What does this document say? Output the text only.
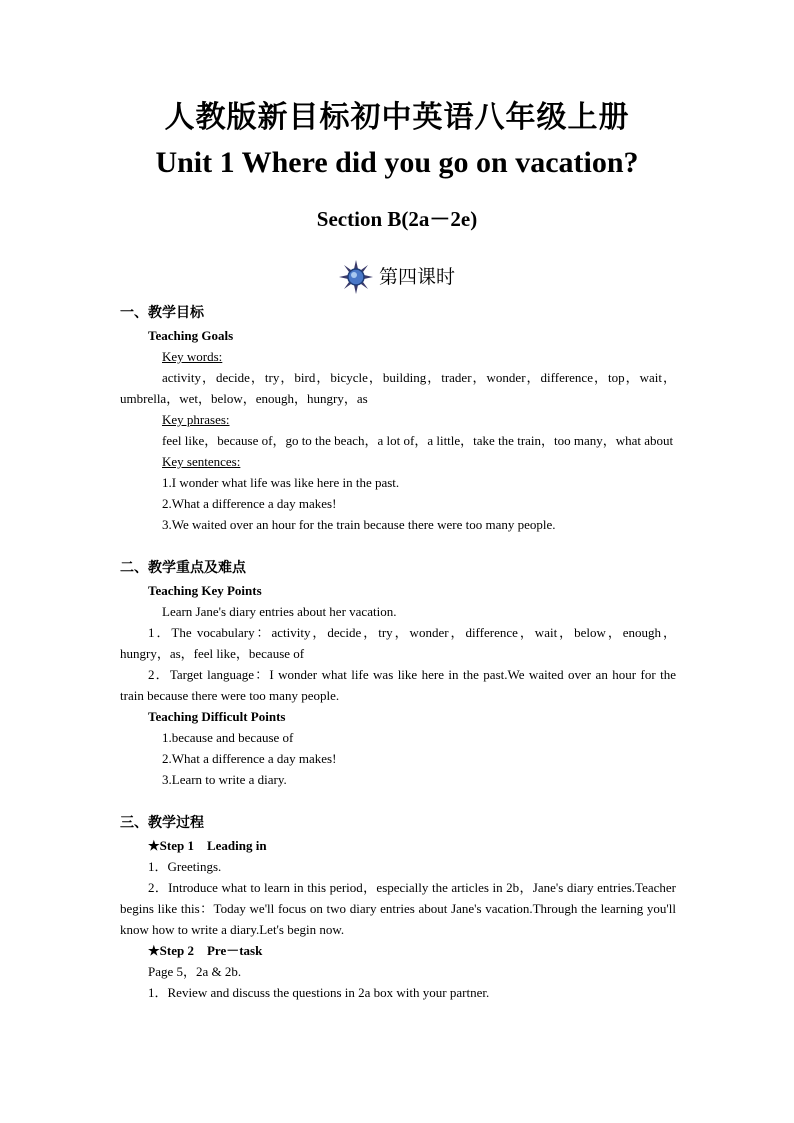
人教版新目标初中英语八年级上册
Unit 1 Where did you go on vacation?
Section B(2a－2e)
第四课时
一、教学目标
Teaching Goals
Key words:
activity，decide，try，bird，bicycle，building，trader，wonder，difference，top，wait，umbrella，wet，below，enough，hungry，as
Key phrases:
feel like，because of，go to the beach，a lot of，a little，take the train，too many，what about
Key sentences:
1.I wonder what life was like here in the past.
2.What a difference a day makes!
3.We waited over an hour for the train because there were too many people.
二、教学重点及难点
Teaching Key Points
Learn Jane's diary entries about her vacation.
1．The vocabulary：activity，decide，try，wonder，difference，wait，below，enough，hungry，as，feel like，because of
2．Target language：I wonder what life was like here in the past.We waited over an hour for the train because there were too many people.
Teaching Difficult Points
1.because and because of
2.What a difference a day makes!
3.Learn to write a diary.
三、教学过程
★Step 1　Leading in
1．Greetings.
2．Introduce what to learn in this period，especially the articles in 2b，Jane's diary entries.Teacher begins like this：Today we'll focus on two diary entries about Jane's vacation.Through the learning you'll know how to write a diary.Let's begin now.
★Step 2　Pre－task
Page 5，2a & 2b.
1．Review and discuss the questions in 2a box with your partner.
